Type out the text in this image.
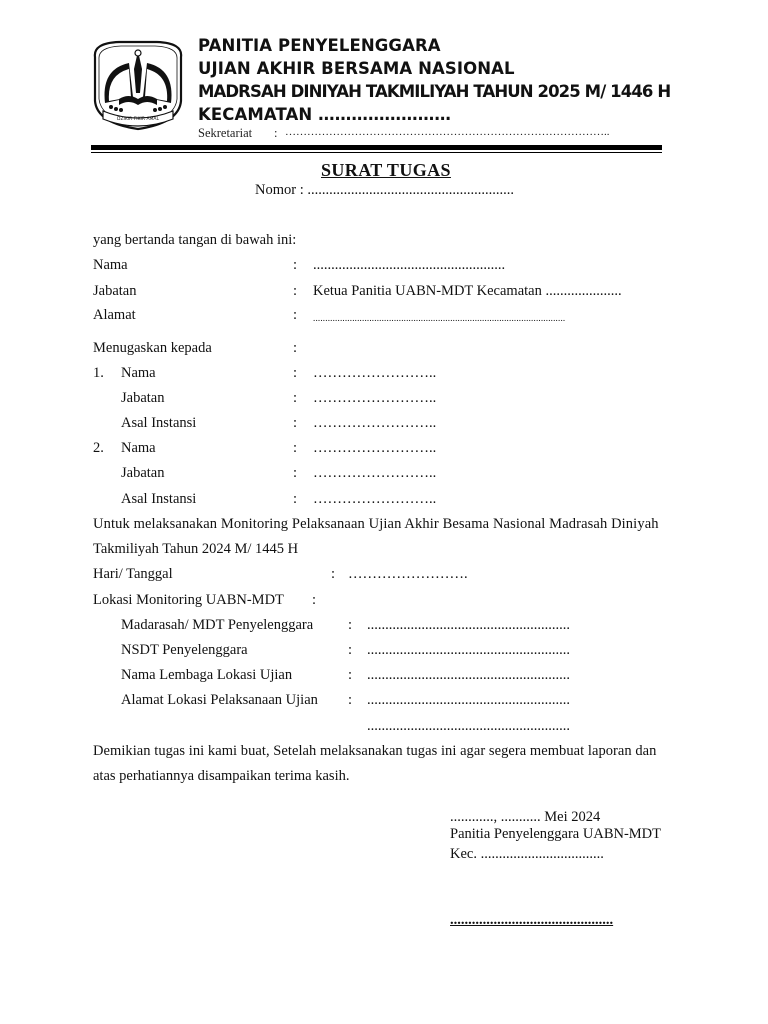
DZIKIR FIKIR AMAL
PANITIA PENYELENGGARA
UJIAN AKHIR BERSAMA NASIONAL
MADRSAH DINIYAH TAKMILIYAH TAHUN 2025 M/ 1446 H
KECAMATAN ……………………
Sekretariat : ……………………………………………………………………………..
SURAT TUGAS
Nomor : .........................................................
yang bertanda tangan di bawah ini:
Nama	: .....................................................
Jabatan	: Ketua Panitia UABN-MDT Kecamatan .....................
Alamat	: .......................................................................................................
Menugaskan kepada	:
1. Nama	: ……………………..
Jabatan	: ……………………..
Asal Instansi	: ……………………..
2. Nama	: ……………………..
Jabatan	: ……………………..
Asal Instansi	: ……………………..
Untuk melaksanakan Monitoring Pelaksanaan Ujian Akhir Besama Nasional Madrasah Diniyah
Takmiliyah Tahun 2024 M/ 1445 H
Hari/ Tanggal	: …………………….
Lokasi Monitoring UABN-MDT :
Madarasah/ MDT Penyelenggara : ........................................................
NSDT Penyelenggara	: ........................................................
Nama Lembaga Lokasi Ujian	: ........................................................
Alamat Lokasi Pelaksanaan Ujian : ........................................................
........................................................
Demikian tugas ini kami buat, Setelah melaksanakan tugas ini agar segera membuat laporan dan
atas perhatiannya disampaikan terima kasih.
............, ........... Mei 2024
Panitia Penyelenggara UABN-MDT
Kec. ..................................
.............................................
